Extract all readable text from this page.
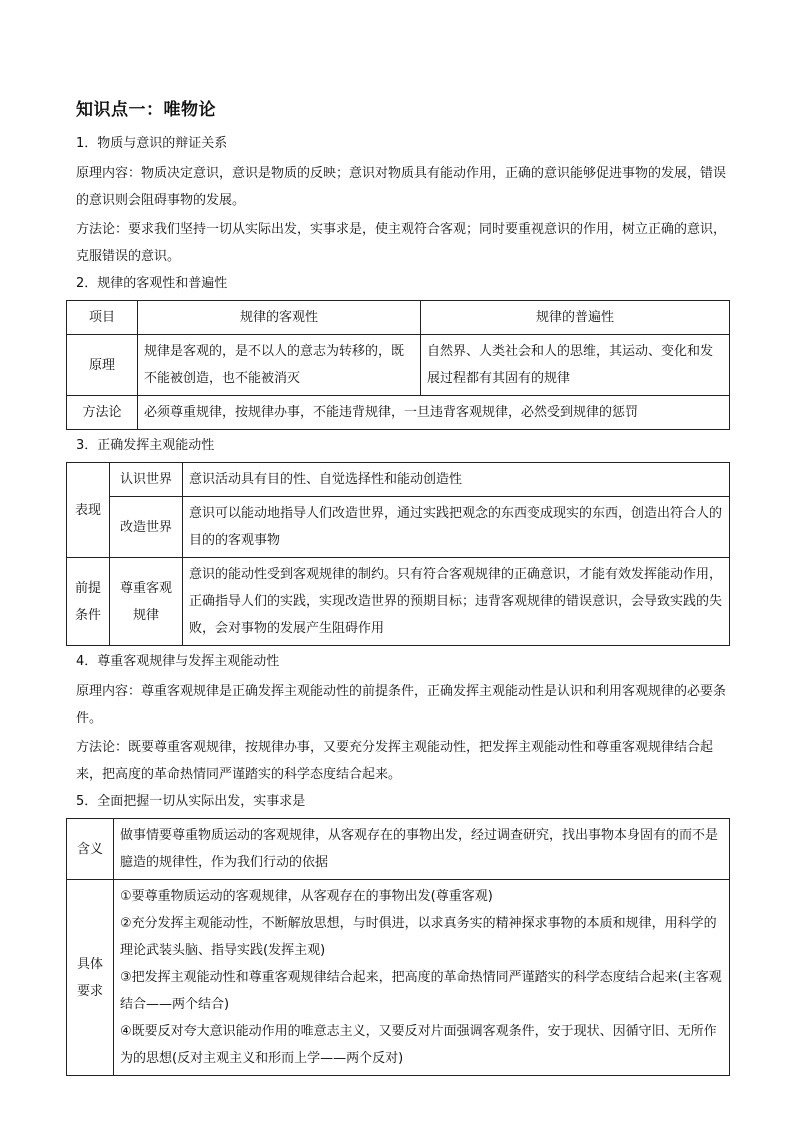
知识点一：唯物论
1．物质与意识的辩证关系
原理内容：物质决定意识，意识是物质的反映；意识对物质具有能动作用，正确的意识能够促进事物的发展，错误的意识则会阻碍事物的发展。
方法论：要求我们坚持一切从实际出发，实事求是，使主观符合客观；同时要重视意识的作用，树立正确的意识，克服错误的意识。
2．规律的客观性和普遍性
项目	规律的客观性	规律的普遍性
原理	规律是客观的，是不以人的意志为转移的，既不能被创造，也不能被消灭	自然界、人类社会和人的思维，其运动、变化和发展过程都有其固有的规律
方法论	必须尊重规律，按规律办事，不能违背规律，一旦违背客观规律，必然受到规律的惩罚	
3．正确发挥主观能动性
表现	认识世界	意识活动具有目的性、自觉选择性和能动创造性
	改造世界	意识可以能动地指导人们改造世界，通过实践把观念的东西变成现实的东西，创造出符合人的目的的客观事物
前提条件	尊重客观规律	意识的能动性受到客观规律的制约。只有符合客观规律的正确意识，才能有效发挥能动作用，正确指导人们的实践，实现改造世界的预期目标；违背客观规律的错误意识，会导致实践的失败，会对事物的发展产生阻碍作用
4．尊重客观规律与发挥主观能动性
原理内容：尊重客观规律是正确发挥主观能动性的前提条件，正确发挥主观能动性是认识和利用客观规律的必要条件。
方法论：既要尊重客观规律，按规律办事，又要充分发挥主观能动性，把发挥主观能动性和尊重客观规律结合起来，把高度的革命热情同严谨踏实的科学态度结合起来。
5．全面把握一切从实际出发，实事求是
含义	做事情要尊重物质运动的客观规律，从客观存在的事物出发，经过调查研究，找出事物本身固有的而不是臆造的规律性，作为我们行动的依据
具体要求	①要尊重物质运动的客观规律，从客观存在的事物出发(尊重客观)
②充分发挥主观能动性，不断解放思想，与时俱进，以求真务实的精神探求事物的本质和规律，用科学的理论武装头脑、指导实践(发挥主观)
③把发挥主观能动性和尊重客观规律结合起来，把高度的革命热情同严谨踏实的科学态度结合起来(主客观结合——两个结合)
④既要反对夸大意识能动作用的唯意志主义，又要反对片面强调客观条件，安于现状、因循守旧、无所作为的思想(反对主观主义和形而上学——两个反对)
